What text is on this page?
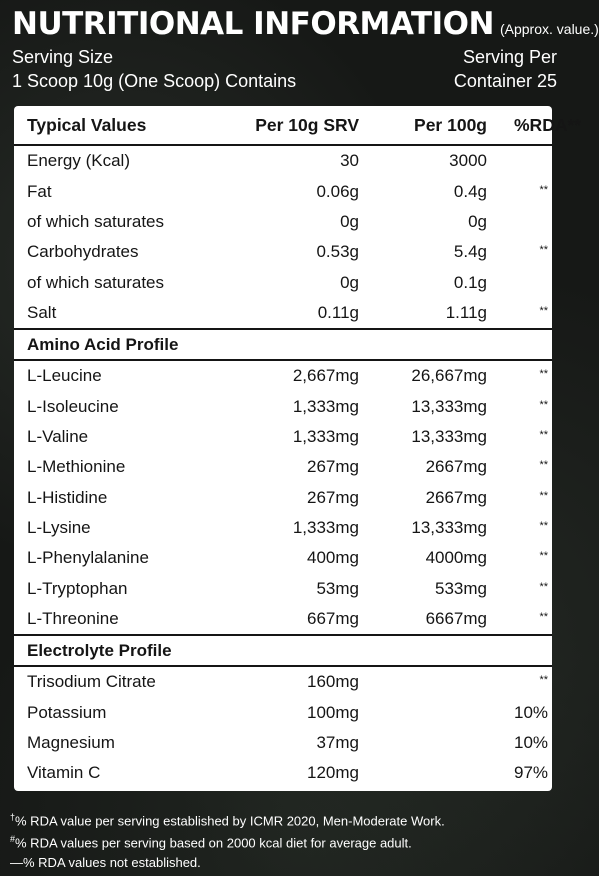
NUTRITIONAL INFORMATION (Approx. value.)
Serving Size
1 Scoop 10g (One Scoop) Contains
Serving Per
Container 25
Typical Values	Per 10g SRV	Per 100g	%RDA**
Energy (Kcal)	30	3000	
Fat	0.06g	0.4g	**
of which saturates	0g	0g	
Carbohydrates	0.53g	5.4g	**
of which saturates	0g	0.1g	
Salt	0.11g	1.11g	**
Amino Acid Profile			
L-Leucine	2,667mg	26,667mg	**
L-Isoleucine	1,333mg	13,333mg	**
L-Valine	1,333mg	13,333mg	**
L-Methionine	267mg	2667mg	**
L-Histidine	267mg	2667mg	**
L-Lysine	1,333mg	13,333mg	**
L-Phenylalanine	400mg	4000mg	**
L-Tryptophan	53mg	533mg	**
L-Threonine	667mg	6667mg	**
Electrolyte Profile			
Trisodium Citrate	160mg		**
Potassium	100mg		10%
Magnesium	37mg		10%
Vitamin C	120mg		97%
†% RDA value per serving established by ICMR 2020, Men-Moderate Work.
#% RDA values per serving based on 2000 kcal diet for average adult.
—% RDA values not established.
